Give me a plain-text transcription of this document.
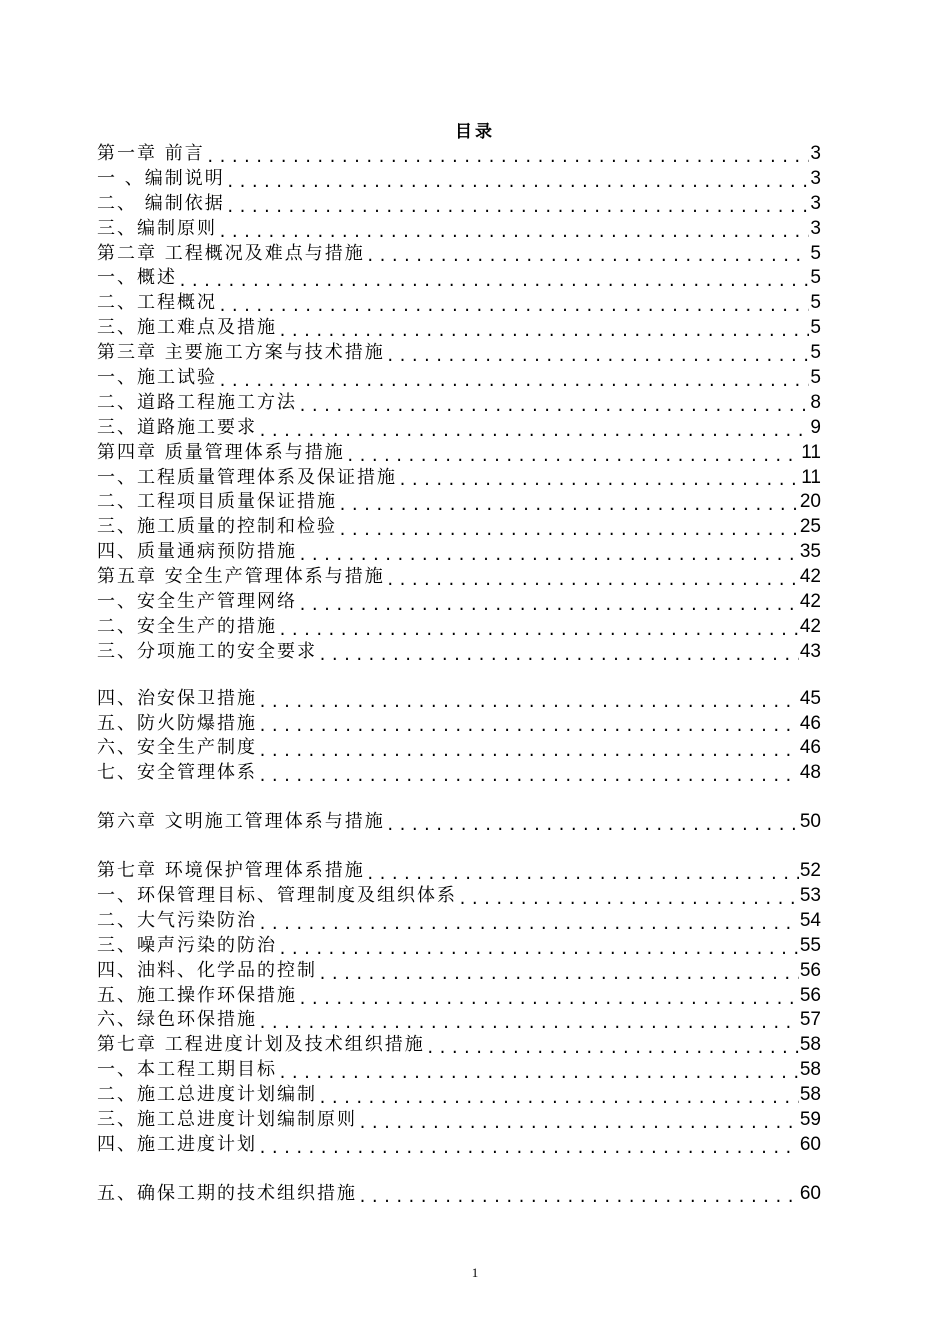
目录
第一章 前言 .....	3
一 、编制说明 .....	3
二、 编制依据 .....	3
三、编制原则 .....	3
第二章 工程概况及难点与措施 .....	5
一、概述 .....	5
二、工程概况 .....	5
三、施工难点及措施 .....	5
第三章 主要施工方案与技术措施 .....	5
一、施工试验 .....	5
二、道路工程施工方法 .....	8
三、道路施工要求 .....	9
第四章 质量管理体系与措施 .....	11
一、工程质量管理体系及保证措施 .....	11
二、工程项目质量保证措施 .....	20
三、施工质量的控制和检验 .....	25
四、质量通病预防措施 .....	35
第五章 安全生产管理体系与措施 .....	42
一、安全生产管理网络 .....	42
二、安全生产的措施 .....	42
三、分项施工的安全要求 .....	43
四、治安保卫措施 .....	45
五、防火防爆措施 .....	46
六、安全生产制度 .....	46
七、安全管理体系 .....	48
第六章 文明施工管理体系与措施 .....	50
第七章 环境保护管理体系措施 .....	52
一、环保管理目标、管理制度及组织体系 .....	53
二、大气污染防治 .....	54
三、噪声污染的防治 .....	55
四、油料、化学品的控制 .....	56
五、施工操作环保措施 .....	56
六、绿色环保措施 .....	57
第七章 工程进度计划及技术组织措施 .....	58
一、本工程工期目标 .....	58
二、施工总进度计划编制 .....	58
三、施工总进度计划编制原则 .....	59
四、施工进度计划 .....	60
五、确保工期的技术组织措施 .....	60
1
